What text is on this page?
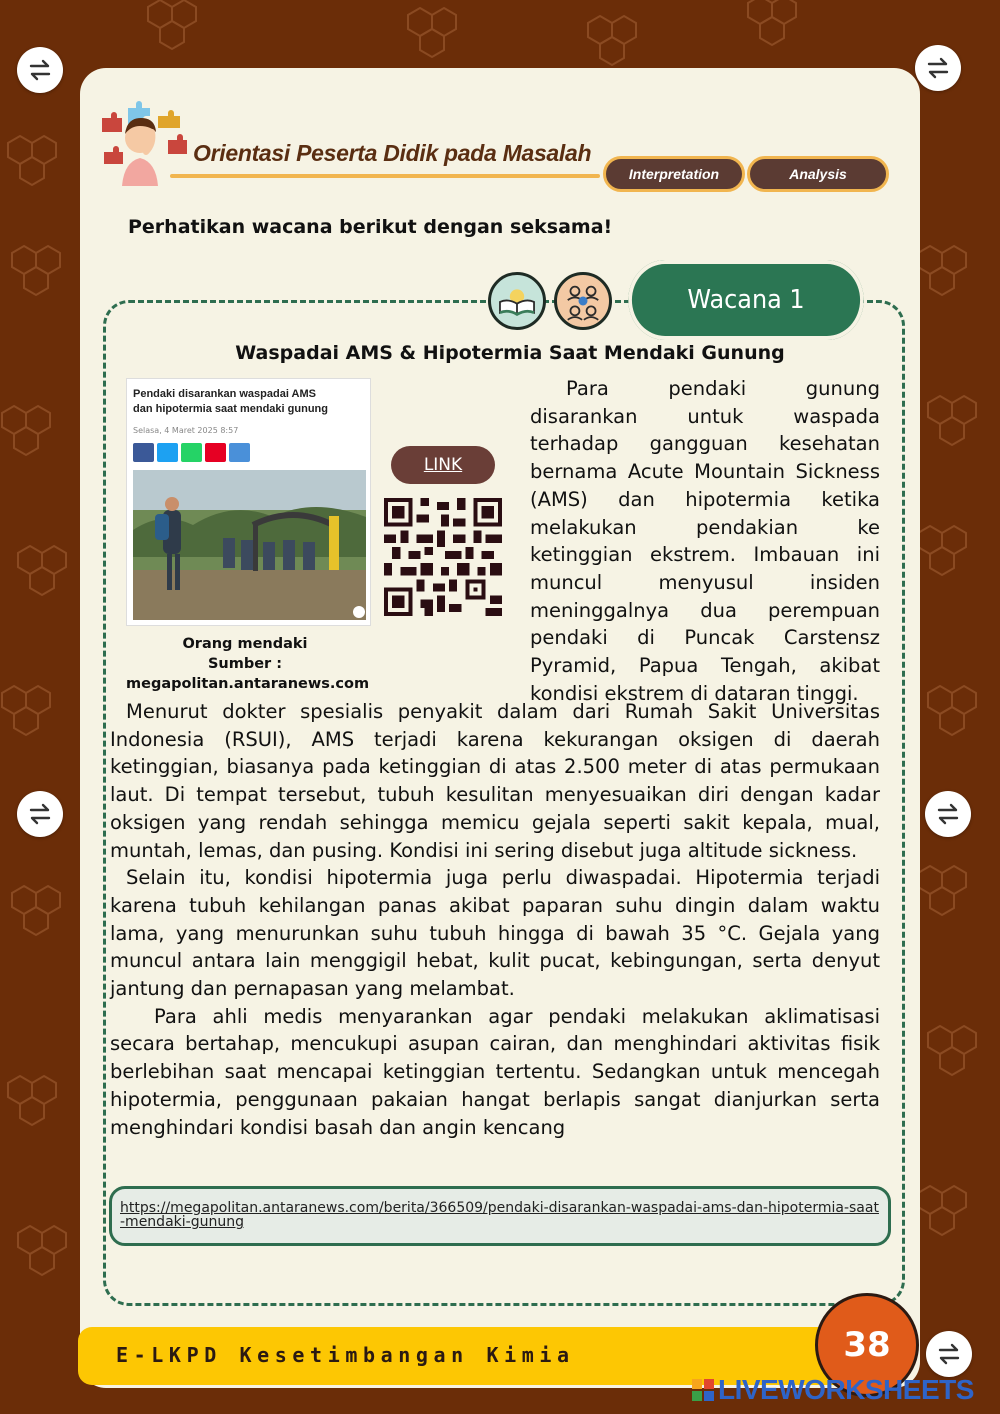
Orientasi Peserta Didik pada Masalah
Interpretation	Analysis
Perhatikan wacana berikut dengan seksama!
Wacana 1
Waspadai AMS & Hipotermia Saat Mendaki Gunung
Pendaki disarankan waspadai AMS dan hipotermia saat mendaki gunung
Selasa, 4 Maret 2025 8:57
Orang mendaki
Sumber :
megapolitan.antaranews.com
LINK
Para pendaki gunung disarankan untuk waspada terhadap gangguan kesehatan bernama Acute Mountain Sickness (AMS) dan hipotermia ketika melakukan pendakian ke ketinggian ekstrem. Imbauan ini muncul menyusul insiden meninggalnya dua perempuan pendaki di Puncak Carstensz Pyramid, Papua Tengah, akibat kondisi ekstrem di dataran tinggi.

Menurut dokter spesialis penyakit dalam dari Rumah Sakit Universitas Indonesia (RSUI), AMS terjadi karena kekurangan oksigen di daerah ketinggian, biasanya pada ketinggian di atas 2.500 meter di atas permukaan laut. Di tempat tersebut, tubuh kesulitan menyesuaikan diri dengan kadar oksigen yang rendah sehingga memicu gejala seperti sakit kepala, mual, muntah, lemas, dan pusing. Kondisi ini sering disebut juga altitude sickness.

Selain itu, kondisi hipotermia juga perlu diwaspadai. Hipotermia terjadi karena tubuh kehilangan panas akibat paparan suhu dingin dalam waktu lama, yang menurunkan suhu tubuh hingga di bawah 35 °C. Gejala yang muncul antara lain menggigil hebat, kulit pucat, kebingungan, serta denyut jantung dan pernapasan yang melambat.

Para ahli medis menyarankan agar pendaki melakukan aklimatisasi secara bertahap, mencukupi asupan cairan, dan menghindari aktivitas fisik berlebihan saat mencapai ketinggian tertentu. Sedangkan untuk mencegah hipotermia, penggunaan pakaian hangat berlapis sangat dianjurkan serta menghindari kondisi basah dan angin kencang

https://megapolitan.antaranews.com/berita/366509/pendaki-disarankan-waspadai-ams-dan-hipotermia-saat-mendaki-gunung
E-LKPD Kesetimbangan Kimia	38
LIVEWORKSHEETS
